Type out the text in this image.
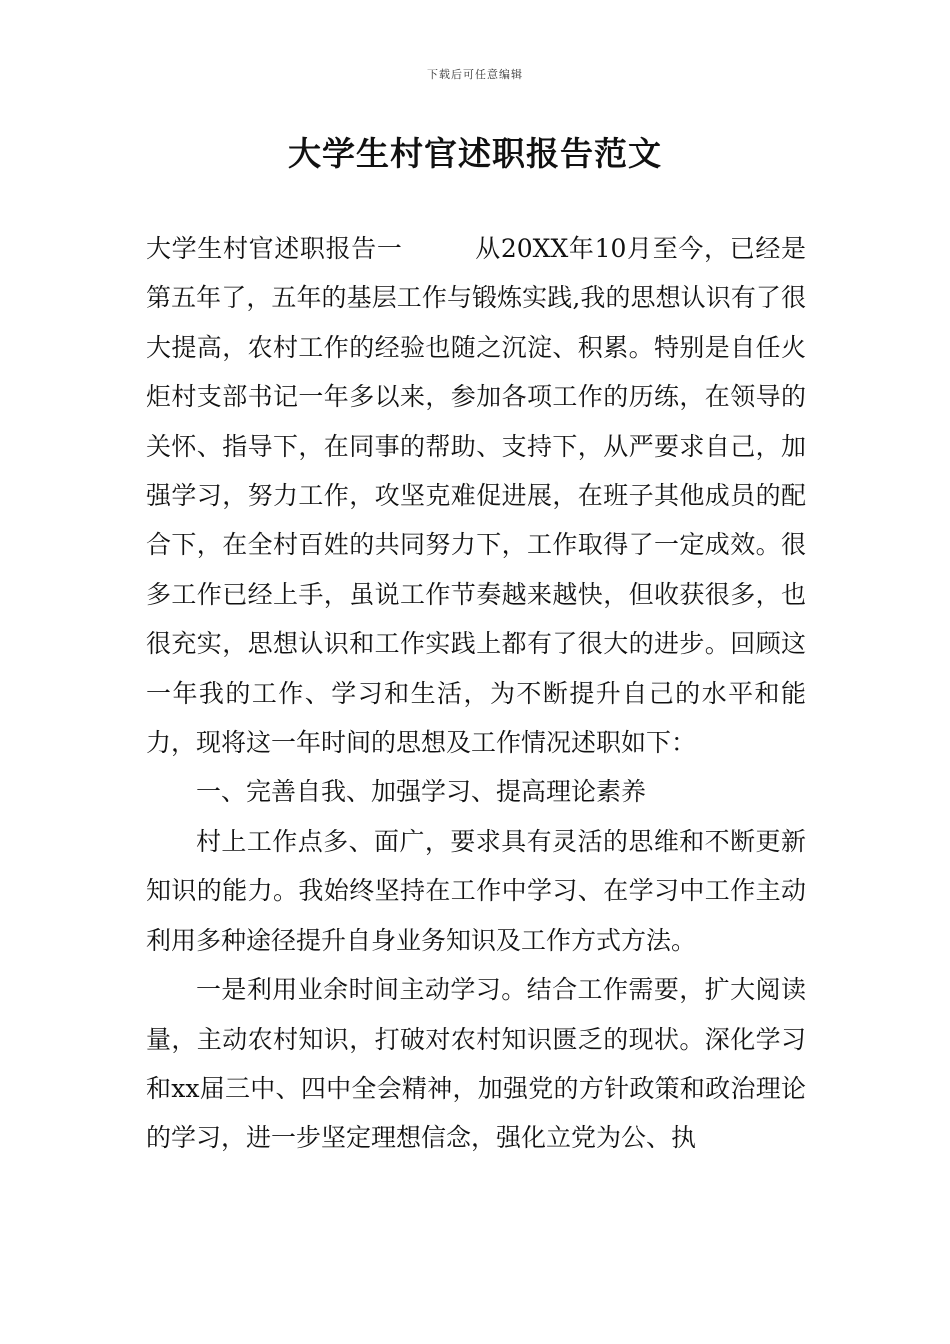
下载后可任意编辑
大学生村官述职报告范文

大学生村官述职报告一	从20XX年10月至今，已经是第五年了，五年的基层工作与锻炼实践,我的思想认识有了很大提高，农村工作的经验也随之沉淀、积累。特别是自任火炬村支部书记一年多以来，参加各项工作的历练，在领导的关怀、指导下，在同事的帮助、支持下，从严要求自己，加强学习，努力工作，攻坚克难促进展，在班子其他成员的配合下，在全村百姓的共同努力下，工作取得了一定成效。很多工作已经上手，虽说工作节奏越来越快，但收获很多，也很充实，思想认识和工作实践上都有了很大的进步。回顾这一年我的工作、学习和生活，为不断提升自己的水平和能力，现将这一年时间的思想及工作情况述职如下：

一、完善自我、加强学习、提高理论素养

村上工作点多、面广，要求具有灵活的思维和不断更新知识的能力。我始终坚持在工作中学习、在学习中工作主动利用多种途径提升自身业务知识及工作方式方法。

一是利用业余时间主动学习。结合工作需要，扩大阅读量，主动农村知识，打破对农村知识匮乏的现状。深化学习和xx届三中、四中全会精神，加强党的方针政策和政治理论的学习，进一步坚定理想信念，强化立党为公、执
